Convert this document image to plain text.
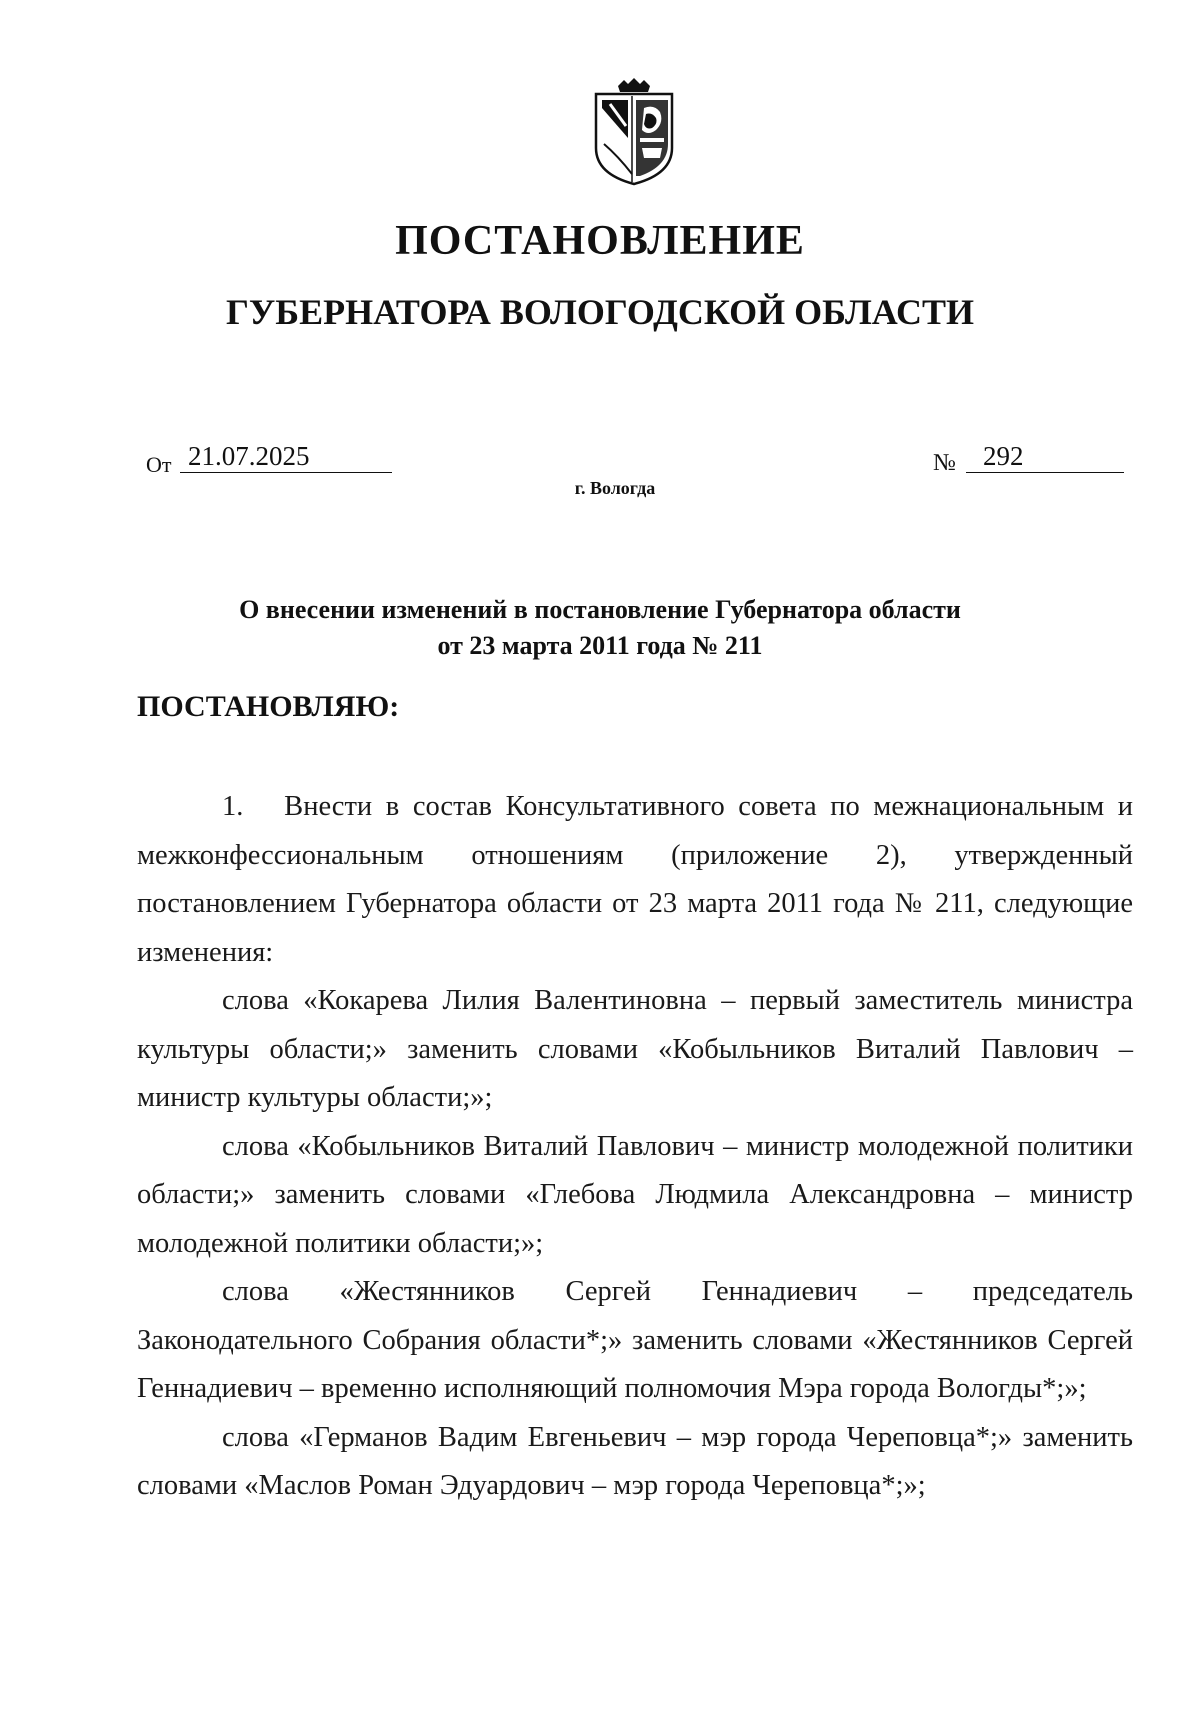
ПОСТАНОВЛЕНИЕ
ГУБЕРНАТОРА ВОЛОГОДСКОЙ ОБЛАСТИ
От 21.07.2025	№	292
г. Вологда
О внесении изменений в постановление Губернатора области
от 23 марта 2011 года № 211

ПОСТАНОВЛЯЮ:

1.   Внести в состав Консультативного совета по межнациональным и межконфессиональным отношениям (приложение 2), утвержденный постановлением Губернатора области от 23 марта 2011 года № 211, следующие изменения:

слова «Кокарева Лилия Валентиновна – первый заместитель министра культуры области;» заменить словами «Кобыльников Виталий Павлович – министр культуры области;»;

слова «Кобыльников Виталий Павлович – министр молодежной политики области;» заменить словами «Глебова Людмила Александровна – министр молодежной политики области;»;

слова «Жестянников Сергей Геннадиевич – председатель Законодательного Собрания области*;» заменить словами «Жестянников Сергей Геннадиевич – временно исполняющий полномочия Мэра города Вологды*;»;

слова «Германов Вадим Евгеньевич – мэр города Череповца*;» заменить словами «Маслов Роман Эдуардович – мэр города Череповца*;»;
